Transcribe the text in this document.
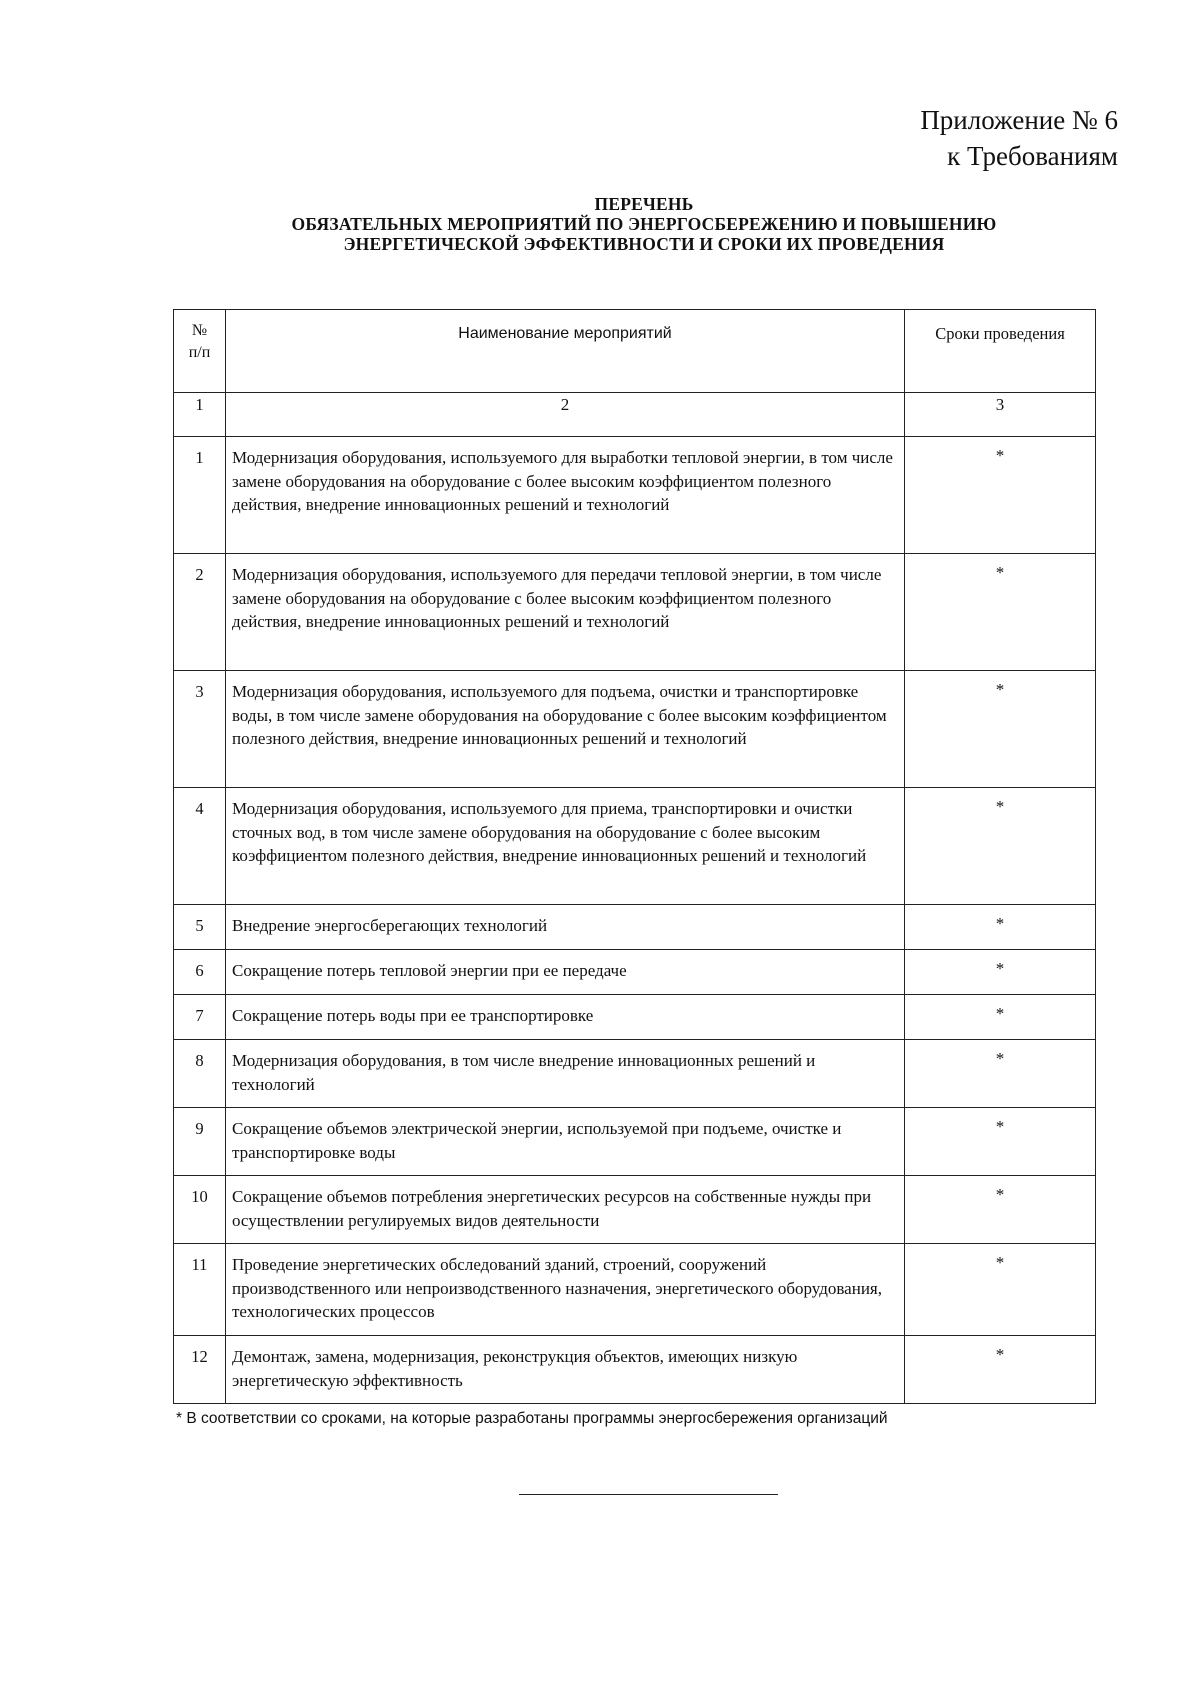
Приложение № 6
к Требованиям
ПЕРЕЧЕНЬ
ОБЯЗАТЕЛЬНЫХ МЕРОПРИЯТИЙ ПО ЭНЕРГОСБЕРЕЖЕНИЮ И ПОВЫШЕНИЮ
ЭНЕРГЕТИЧЕСКОЙ ЭФФЕКТИВНОСТИ И СРОКИ ИХ ПРОВЕДЕНИЯ
№
п/п	Наименование мероприятий	Сроки проведения
1	2	3
1	Модернизация оборудования, используемого для выработки тепловой энергии, в том числе замене оборудования на оборудование с более высоким коэффициентом полезного действия, внедрение инновационных решений и технологий	*
2	Модернизация оборудования, используемого для передачи тепловой энергии, в том числе замене оборудования на оборудование с более высоким коэффициентом полезного действия, внедрение инновационных решений и технологий	*
3	Модернизация оборудования, используемого для подъема, очистки и транспортировке воды, в том числе замене оборудования на оборудование с более высоким коэффициентом полезного действия, внедрение инновационных решений и технологий	*
4	Модернизация оборудования, используемого для приема, транспортировки и очистки сточных вод, в том числе замене оборудования на оборудование с более высоким коэффициентом полезного действия, внедрение инновационных решений и технологий	*
5	Внедрение энергосберегающих технологий	*
6	Сокращение потерь тепловой энергии при ее передаче	*
7	Сокращение потерь воды при ее транспортировке	*
8	Модернизация оборудования, в том числе внедрение инновационных решений и технологий	*
9	Сокращение объемов электрической энергии, используемой при подъеме, очистке и транспортировке воды	*
10	Сокращение объемов потребления энергетических ресурсов на собственные нужды при осуществлении регулируемых видов деятельности	*
11	Проведение энергетических обследований зданий, строений, сооружений производственного или непроизводственного назначения, энергетического оборудования, технологических процессов	*
12	Демонтаж, замена, модернизация, реконструкция объектов, имеющих низкую энергетическую эффективность	*
* В соответствии со сроками, на которые разработаны программы энергосбережения организаций
